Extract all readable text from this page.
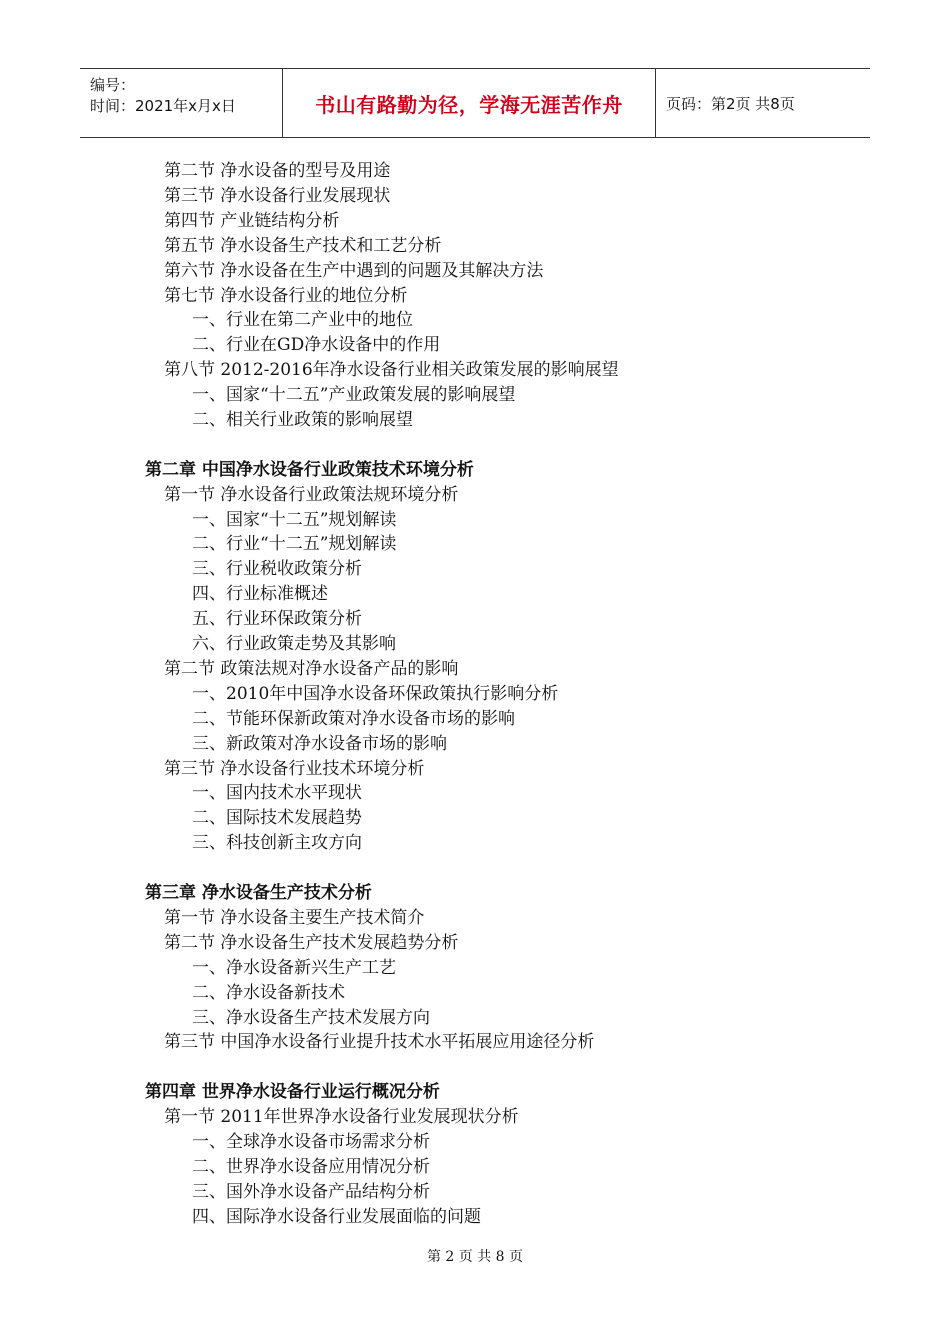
编号：
时间：2021年x月x日	书山有路勤为径，学海无涯苦作舟	页码：第2页 共8页
第二节 净水设备的型号及用途
第三节 净水设备行业发展现状
第四节 产业链结构分析
第五节 净水设备生产技术和工艺分析
第六节 净水设备在生产中遇到的问题及其解决方法
第七节 净水设备行业的地位分析
一、行业在第二产业中的地位
二、行业在GD净水设备中的作用
第八节 2012-2016年净水设备行业相关政策发展的影响展望
一、国家“十二五”产业政策发展的影响展望
二、相关行业政策的影响展望
第二章 中国净水设备行业政策技术环境分析
第一节 净水设备行业政策法规环境分析
一、国家“十二五”规划解读
二、行业“十二五”规划解读
三、行业税收政策分析
四、行业标准概述
五、行业环保政策分析
六、行业政策走势及其影响
第二节 政策法规对净水设备产品的影响
一、2010年中国净水设备环保政策执行影响分析
二、节能环保新政策对净水设备市场的影响
三、新政策对净水设备市场的影响
第三节 净水设备行业技术环境分析
一、国内技术水平现状
二、国际技术发展趋势
三、科技创新主攻方向
第三章 净水设备生产技术分析
第一节 净水设备主要生产技术简介
第二节 净水设备生产技术发展趋势分析
一、净水设备新兴生产工艺
二、净水设备新技术
三、净水设备生产技术发展方向
第三节 中国净水设备行业提升技术水平拓展应用途径分析
第四章 世界净水设备行业运行概况分析
第一节 2011年世界净水设备行业发展现状分析
一、全球净水设备市场需求分析
二、世界净水设备应用情况分析
三、国外净水设备产品结构分析
四、国际净水设备行业发展面临的问题
第 2 页 共 8 页
